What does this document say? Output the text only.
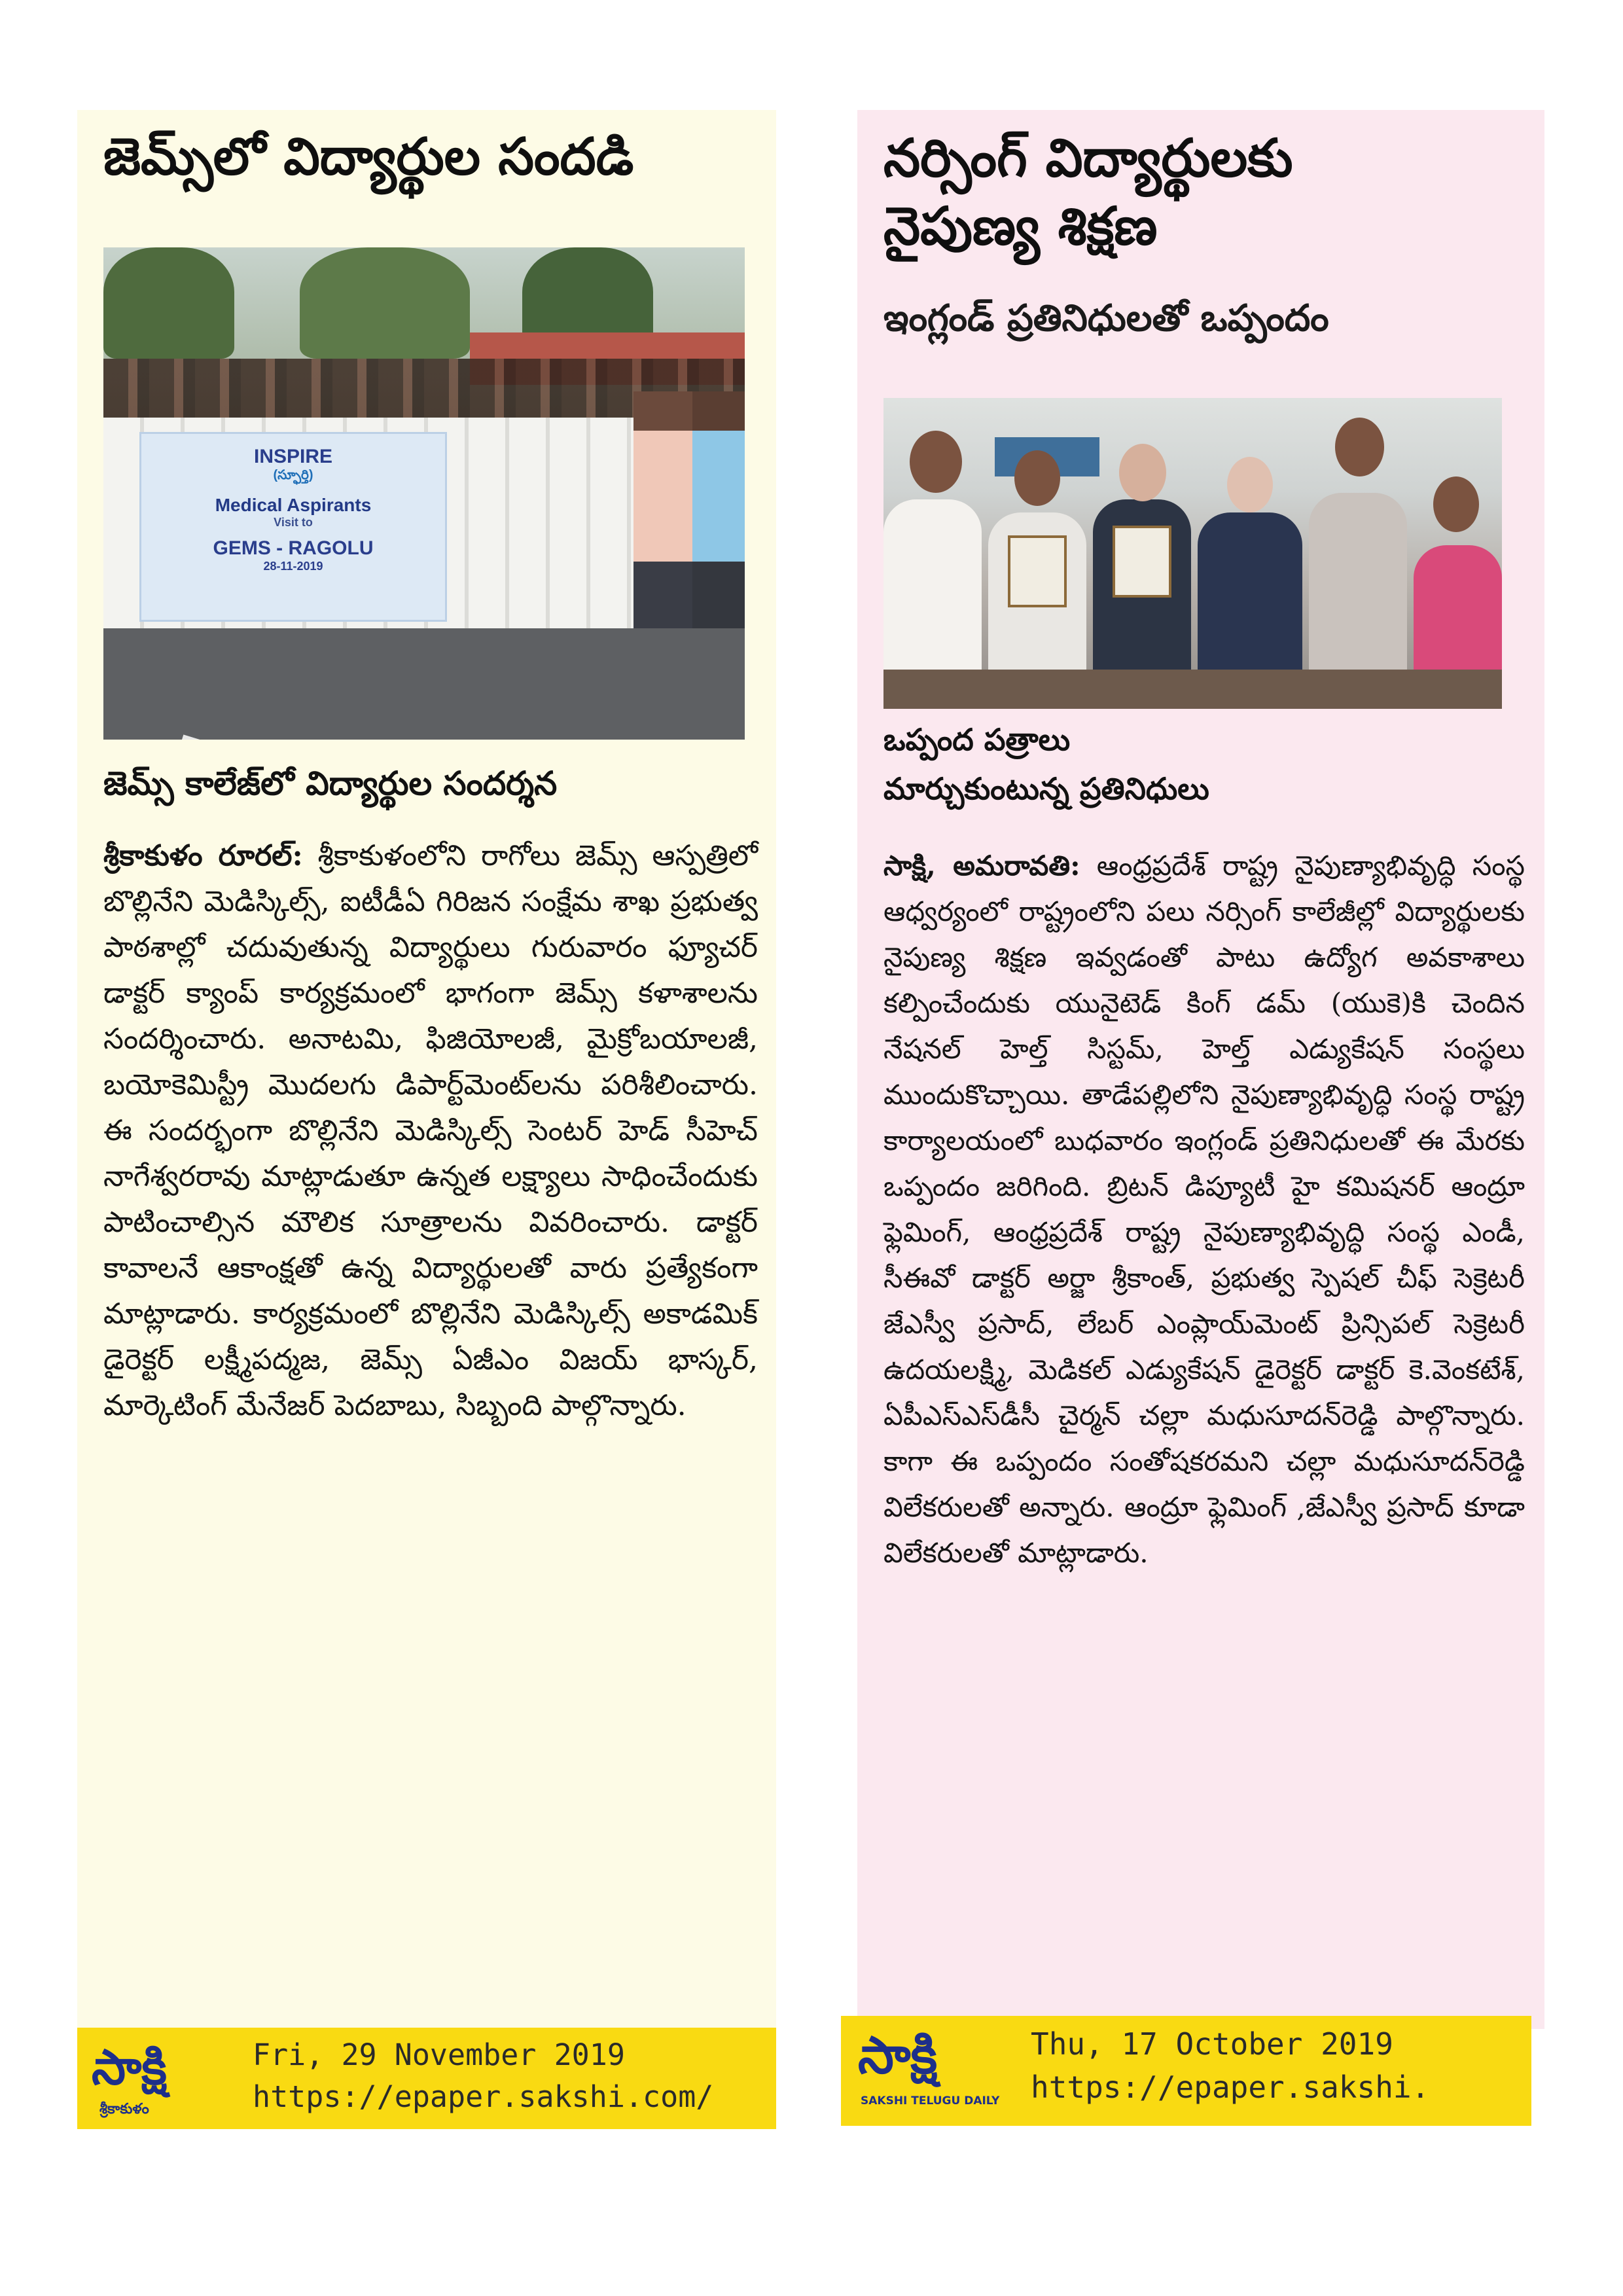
జెమ్స్‌లో విద్యార్థుల సందడి
INSPIRE
(స్ఫూర్తి)
Medical Aspirants
Visit to
GEMS - RAGOLU
28-11-2019

జెమ్స్ కాలేజ్‌లో విద్యార్థుల సందర్శన

శ్రీకాకుళం రూరల్: శ్రీకాకుళంలోని రాగోలు జెమ్స్ ఆస్పత్రిలో బొల్లినేని మెడిస్కిల్స్, ఐటీడీఏ గిరిజన సంక్షేమ శాఖ ప్రభుత్వ పాఠశాల్లో చదువుతున్న విద్యార్థులు గురువారం ఫ్యూచర్ డాక్టర్ క్యాంప్ కార్యక్రమంలో భాగంగా జెమ్స్ కళాశాలను సందర్శించారు. అనాటమి, ఫిజియోలజీ, మైక్రోబయాలజీ, బయోకెమిస్ట్రీ మొదలగు డిపార్ట్‌మెంట్‌లను పరిశీలించారు. ఈ సందర్భంగా బొల్లినేని మెడిస్కిల్స్ సెంటర్ హెడ్ సీహెచ్ నాగేశ్వరరావు మాట్లాడుతూ ఉన్నత లక్ష్యాలు సాధించేందుకు పాటించాల్సిన మౌలిక సూత్రాలను వివరించారు. డాక్టర్ కావాలనే ఆకాంక్షతో ఉన్న విద్యార్థులతో వారు ప్రత్యేకంగా మాట్లాడారు. కార్యక్రమంలో బొల్లినేని మెడిస్కిల్స్ అకాడమిక్ డైరెక్టర్ లక్ష్మీపద్మజ, జెమ్స్ ఏజీఎం విజయ్ భాస్కర్, మార్కెటింగ్ మేనేజర్ పెదబాబు, సిబ్బంది పాల్గొన్నారు.

సాక్షి
శ్రీకాకుళం
Fri, 29 November 2019
https://epaper.sakshi.com/
నర్సింగ్ విద్యార్థులకు
నైపుణ్య శిక్షణ
ఇంగ్లండ్ ప్రతినిధులతో ఒప్పందం

ఒప్పంద పత్రాలు

మార్చుకుంటున్న ప్రతినిధులు

సాక్షి, అమరావతి: ఆంధ్రప్రదేశ్ రాష్ట్ర నైపుణ్యాభివృద్ధి సంస్థ ఆధ్వర్యంలో రాష్ట్రంలోని పలు నర్సింగ్ కాలేజీల్లో విద్యార్థులకు నైపుణ్య శిక్షణ ఇవ్వడంతో పాటు ఉద్యోగ అవకాశాలు కల్పించేందుకు యునైటెడ్ కింగ్ డమ్ (యుకె)కి చెందిన నేషనల్ హెల్త్ సిస్టమ్, హెల్త్ ఎడ్యుకేషన్ సంస్థలు ముందుకొచ్చాయి. తాడేపల్లిలోని నైపుణ్యాభివృద్ధి సంస్థ రాష్ట్ర కార్యాలయంలో బుధవారం ఇంగ్లండ్ ప్రతినిధులతో ఈ మేరకు ఒప్పందం జరిగింది. బ్రిటన్ డిప్యూటీ హై కమిషనర్ ఆంద్రూ ఫ్లెమింగ్, ఆంధ్రప్రదేశ్ రాష్ట్ర నైపుణ్యాభివృద్ధి సంస్థ ఎండీ, సీఈవో డాక్టర్ అర్జా శ్రీకాంత్, ప్రభుత్వ స్పెషల్ చీఫ్ సెక్రెటరీ జేఎస్వీ ప్రసాద్, లేబర్ ఎంప్లాయ్‌మెంట్ ప్రిన్సిపల్ సెక్రెటరీ ఉదయలక్ష్మి, మెడికల్ ఎడ్యుకేషన్ డైరెక్టర్ డాక్టర్ కె.వెంకటేశ్, ఏపీఎస్ఎస్‌డీసీ చైర్మన్ చల్లా మధుసూదన్‌రెడ్డి పాల్గొన్నారు. కాగా ఈ ఒప్పందం సంతోషకరమని చల్లా మధుసూదన్‌రెడ్డి విలేకరులతో అన్నారు. ఆంద్రూ ఫ్లెమింగ్ ,జేఎస్వీ ప్రసాద్ కూడా విలేకరులతో మాట్లాడారు.

సాక్షి
SAKSHI TELUGU DAILY
Thu, 17 October 2019
https://epaper.sakshi.
